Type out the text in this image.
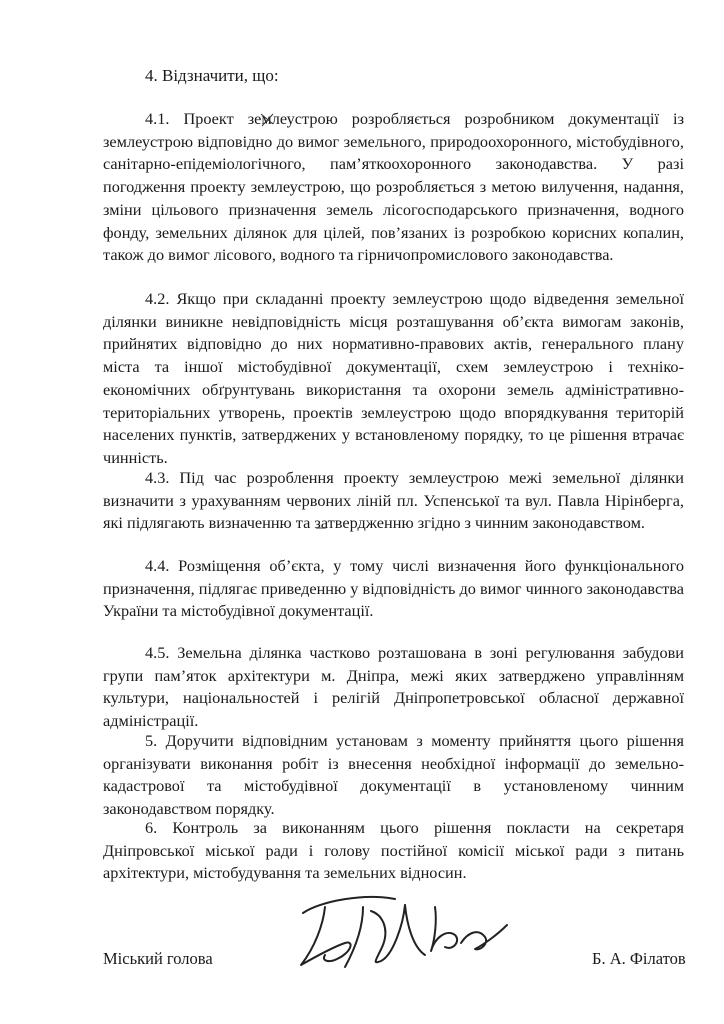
4. Відзначити, що:

4.1. Проект землеустрою розробляється розробником документації із землеустрою відповідно до вимог земельного, природоохоронного, містобудівного, санітарно-епідеміологічного, пам’яткоохоронного законодавства. У разі погодження проекту землеустрою, що розробляється з метою вилучення, надання, зміни цільового призначення земель лісогосподарського призначення, водного фонду, земельних ділянок для цілей, пов’язаних із розробкою корисних копалин, також до вимог лісового, водного та гірничопромислового законодавства.

4.2. Якщо при складанні проекту землеустрою щодо відведення земельної ділянки виникне невідповідність місця розташування об’єкта вимогам законів, прийнятих відповідно до них нормативно-правових актів, генерального плану міста та іншої містобудівної документації, схем землеустрою і техніко-економічних обґрунтувань використання та охорони земель адміністративно-територіальних утворень, проектів землеустрою щодо впорядкування територій населених пунктів, затверджених у встановленому порядку, то це рішення втрачає чинність.

4.3. Під час розроблення проекту землеустрою межі земельної ділянки визначити з урахуванням червоних ліній пл. Успенської та вул. Павла Нірінберга, які підлягають визначенню та затвердженню згідно з чинним законодавством.

4.4. Розміщення об’єкта, у тому числі визначення його функціонального призначення, підлягає приведенню у відповідність до вимог чинного законодавства України та містобудівної документації.

4.5. Земельна ділянка частково розташована в зоні регулювання забудови групи пам’яток архітектури м. Дніпра, межі яких затверджено управлінням культури, національностей і релігій Дніпропетровської обласної державної адміністрації.

5. Доручити відповідним установам з моменту прийняття цього рішення організувати виконання робіт із внесення необхідної інформації до земельно-кадастрової та містобудівної документації в установленому чинним законодавством порядку.

6. Контроль за виконанням цього рішення покласти на секретаря Дніпровської міської ради і голову постійної комісії міської ради з питань архітектури, містобудування та земельних відносин.

Міський голова	Б. А. Філатов
